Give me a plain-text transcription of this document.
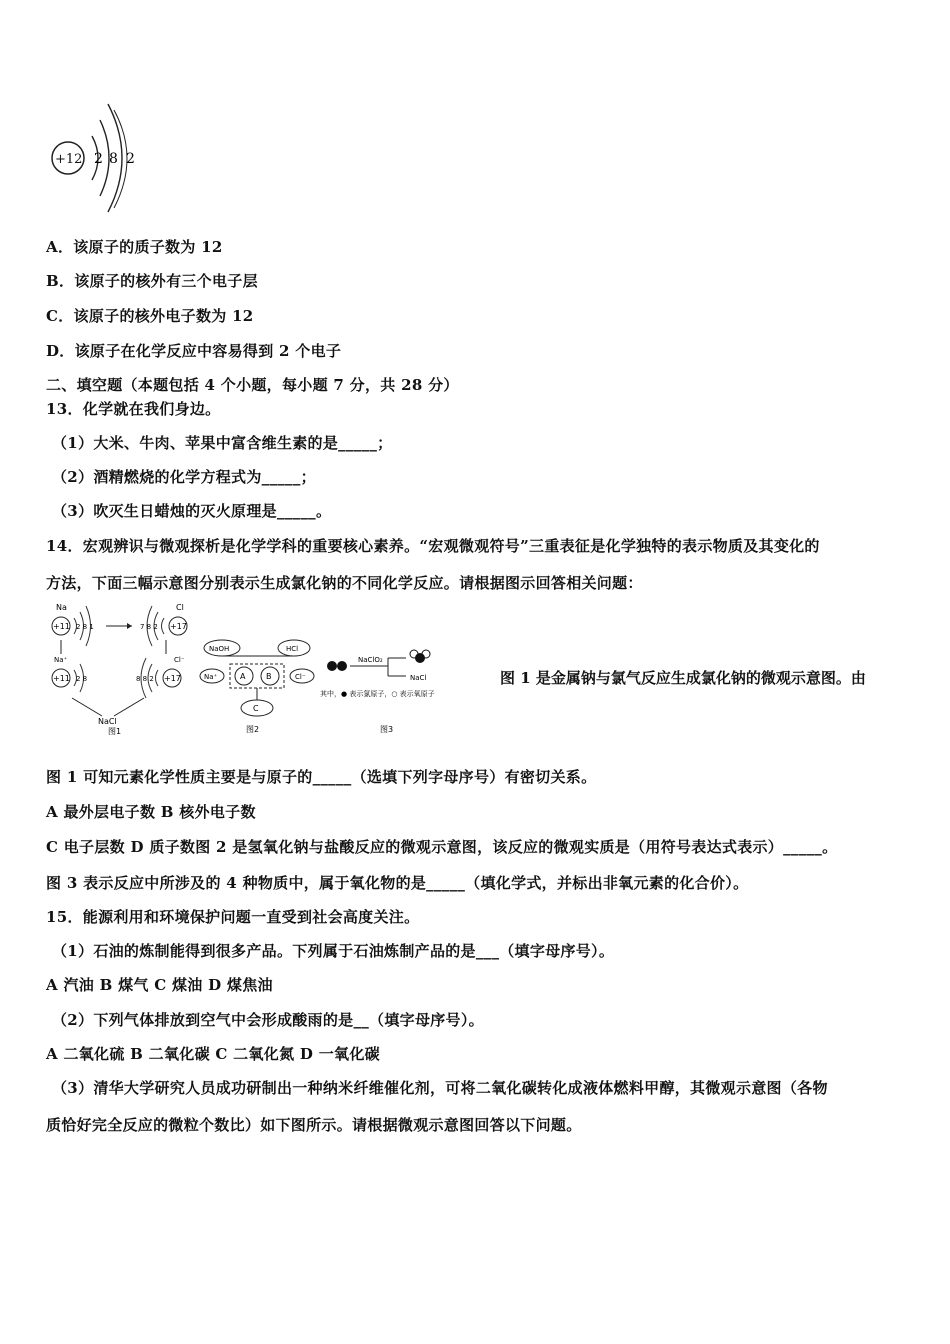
+12 2 8 2
A．该原子的质子数为 12
B．该原子的核外有三个电子层
C．该原子的核外电子数为 12
D．该原子在化学反应中容易得到 2 个电子
二、填空题（本题包括 4 个小题，每小题 7 分，共 28 分）
13．化学就在我们身边。
（1）大米、牛肉、苹果中富含维生素的是_____；
（2）酒精燃烧的化学方程式为_____；
（3）吹灭生日蜡烛的灭火原理是_____。
14．宏观辨识与微观探析是化学学科的重要核心素养。“宏观微观符号”三重表征是化学独特的表示物质及其变化的
方法，下面三幅示意图分别表示生成氯化钠的不同化学反应。请根据图示回答相关问题：
Na
+11 2 8 1
Cl
7 8 2 +17
Na⁺	Cl⁻
+11 2 8	8 8 2 +17
NaCl
图1
NaOH	HCl
Na⁺	A	B	Cl⁻
C
图2
NaClO₂
NaCl
其中，● 表示氯原子，○ 表示氧原子
图3
图 1 是金属钠与氯气反应生成氯化钠的微观示意图。由
图 1 可知元素化学性质主要是与原子的_____（选填下列字母序号）有密切关系。
A 最外层电子数 B 核外电子数
C 电子层数 D 质子数图 2 是氢氧化钠与盐酸反应的微观示意图，该反应的微观实质是（用符号表达式表示）_____。
图 3 表示反应中所涉及的 4 种物质中，属于氧化物的是_____（填化学式，并标出非氧元素的化合价）。
15．能源利用和环境保护问题一直受到社会高度关注。
（1）石油的炼制能得到很多产品。下列属于石油炼制产品的是___（填字母序号）。
A 汽油 B 煤气 C 煤油 D 煤焦油
（2）下列气体排放到空气中会形成酸雨的是__（填字母序号）。
A 二氧化硫 B 二氧化碳 C 二氧化氮 D 一氧化碳
（3）清华大学研究人员成功研制出一种纳米纤维催化剂，可将二氧化碳转化成液体燃料甲醇，其微观示意图（各物
质恰好完全反应的微粒个数比）如下图所示。请根据微观示意图回答以下问题。
